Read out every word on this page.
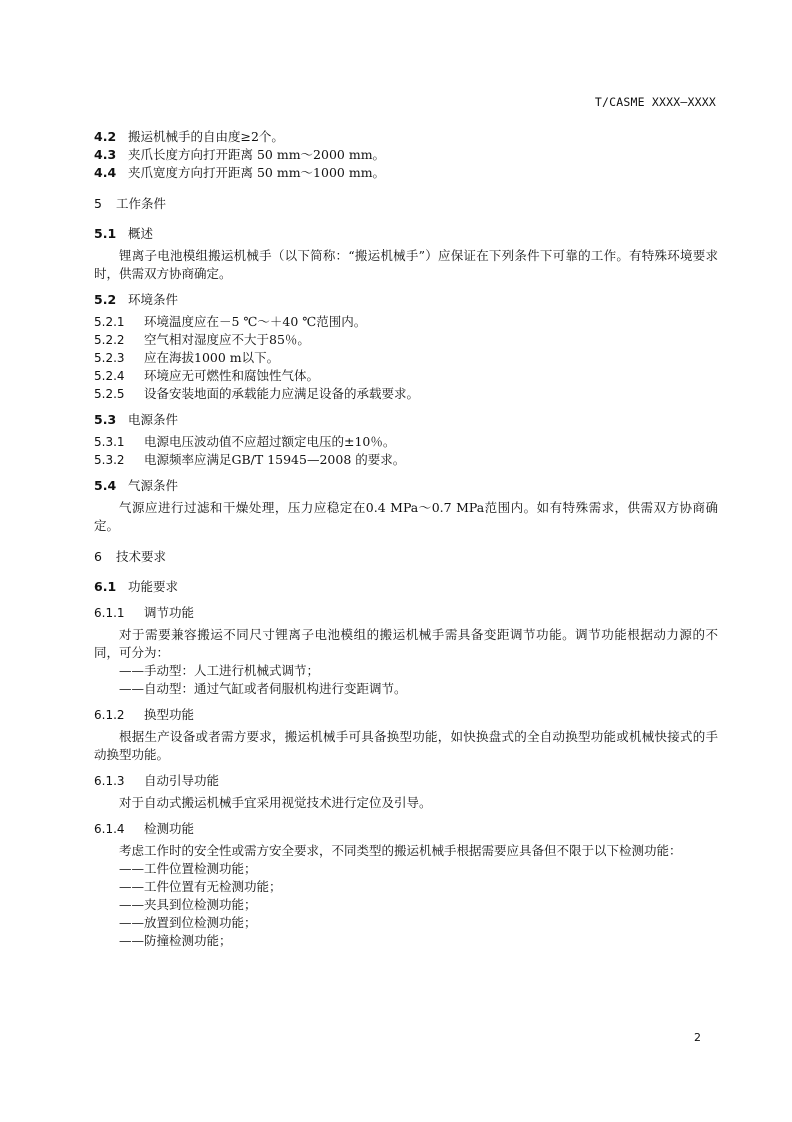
T/CASME XXXX—XXXX
4.2 搬运机械手的自由度≥2个。
4.3 夹爪长度方向打开距离 50 mm～2000 mm。
4.4 夹爪宽度方向打开距离 50 mm～1000 mm。
5 工作条件
5.1 概述

锂离子电池模组搬运机械手（以下简称：“搬运机械手”）应保证在下列条件下可靠的工作。有特殊环境要求时，供需双方协商确定。

5.2 环境条件
5.2.1 环境温度应在－5 ℃～＋40 ℃范围内。
5.2.2 空气相对湿度应不大于85％。
5.2.3 应在海拔1000 m以下。
5.2.4 环境应无可燃性和腐蚀性气体。
5.2.5 设备安装地面的承载能力应满足设备的承载要求。
5.3 电源条件
5.3.1 电源电压波动值不应超过额定电压的±10％。
5.3.2 电源频率应满足GB/T 15945—2008 的要求。
5.4 气源条件

气源应进行过滤和干燥处理，压力应稳定在0.4 MPa～0.7 MPa范围内。如有特殊需求，供需双方协商确定。

6 技术要求
6.1 功能要求
6.1.1 调节功能

对于需要兼容搬运不同尺寸锂离子电池模组的搬运机械手需具备变距调节功能。调节功能根据动力源的不同，可分为：

——手动型：人工进行机械式调节；
——自动型：通过气缸或者伺服机构进行变距调节。
6.1.2 换型功能

根据生产设备或者需方要求，搬运机械手可具备换型功能，如快换盘式的全自动换型功能或机械快接式的手动换型功能。

6.1.3 自动引导功能

对于自动式搬运机械手宜采用视觉技术进行定位及引导。

6.1.4 检测功能

考虑工作时的安全性或需方安全要求，不同类型的搬运机械手根据需要应具备但不限于以下检测功能：

——工件位置检测功能；
——工件位置有无检测功能；
——夹具到位检测功能；
——放置到位检测功能；
——防撞检测功能；
2
